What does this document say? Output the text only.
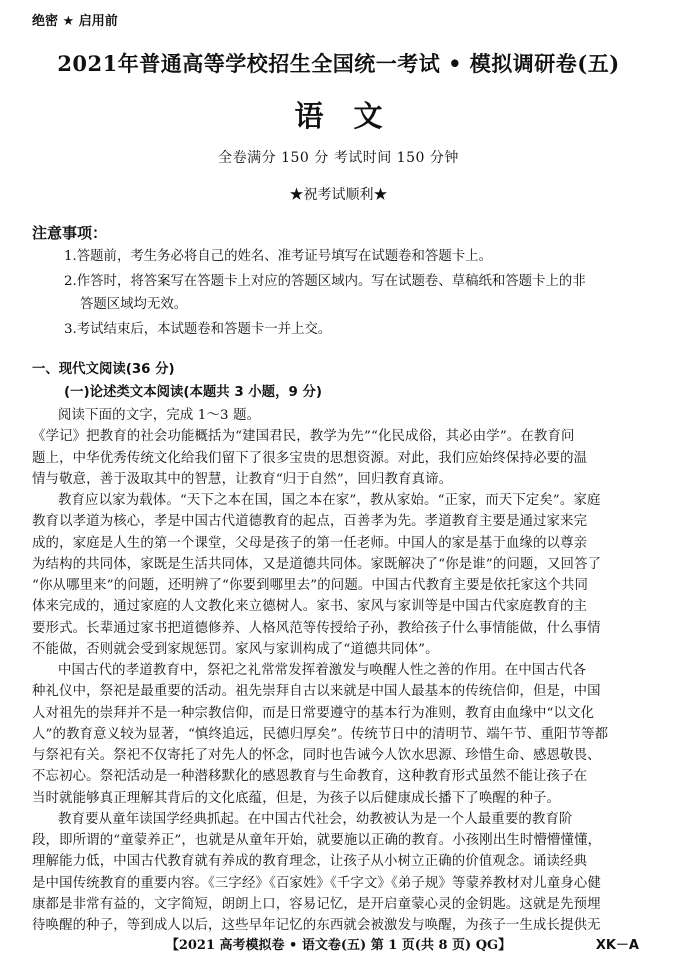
绝密 ★ 启用前
2021年普通高等学校招生全国统一考试 • 模拟调研卷(五)
语文
全卷满分 150 分 考试时间 150 分钟
★祝考试顺利★
注意事项：
1.答题前，考生务必将自己的姓名、准考证号填写在试题卷和答题卡上。
2.作答时，将答案写在答题卡上对应的答题区域内。写在试题卷、草稿纸和答题卡上的非
答题区域均无效。
3.考试结束后，本试题卷和答题卡一并上交。
一、现代文阅读(36 分)
(一)论述类文本阅读(本题共 3 小题，9 分)
阅读下面的文字，完成 1～3 题。
《学记》把教育的社会功能概括为“建国君民，教学为先”“化民成俗，其必由学”。在教育问
题上，中华优秀传统文化给我们留下了很多宝贵的思想资源。对此，我们应始终保持必要的温
情与敬意，善于汲取其中的智慧，让教育“归于自然”，回归教育真谛。
教育应以家为载体。“天下之本在国，国之本在家”，教从家始。“正家，而天下定矣”。家庭
教育以孝道为核心，孝是中国古代道德教育的起点，百善孝为先。孝道教育主要是通过家来完
成的，家庭是人生的第一个课堂，父母是孩子的第一任老师。中国人的家是基于血缘的以尊亲
为结构的共同体，家既是生活共同体，又是道德共同体。家既解决了“你是谁”的问题，又回答了
“你从哪里来”的问题，还明辨了“你要到哪里去”的问题。中国古代教育主要是依托家这个共同
体来完成的，通过家庭的人文教化来立德树人。家书、家风与家训等是中国古代家庭教育的主
要形式。长辈通过家书把道德修养、人格风范等传授给子孙，教给孩子什么事情能做，什么事情
不能做，否则就会受到家规惩罚。家风与家训构成了“道德共同体”。
中国古代的孝道教育中，祭祀之礼常常发挥着激发与唤醒人性之善的作用。在中国古代各
种礼仪中，祭祀是最重要的活动。祖先崇拜自古以来就是中国人最基本的传统信仰，但是，中国
人对祖先的崇拜并不是一种宗教信仰，而是日常要遵守的基本行为准则，教育由血缘中“以文化
人”的教育意义较为显著，“慎终追远，民德归厚矣”。传统节日中的清明节、端午节、重阳节等都
与祭祀有关。祭祀不仅寄托了对先人的怀念，同时也告诫今人饮水思源、珍惜生命、感恩敬畏、
不忘初心。祭祀活动是一种潜移默化的感恩教育与生命教育，这种教育形式虽然不能让孩子在
当时就能够真正理解其背后的文化底蕴，但是，为孩子以后健康成长播下了唤醒的种子。
教育要从童年读国学经典抓起。在中国古代社会，幼教被认为是一个人最重要的教育阶
段，即所谓的“童蒙养正”，也就是从童年开始，就要施以正确的教育。小孩刚出生时懵懵懂懂，
理解能力低，中国古代教育就有养成的教育理念，让孩子从小树立正确的价值观念。诵读经典
是中国传统教育的重要内容。《三字经》《百家姓》《千字文》《弟子规》等蒙养教材对儿童身心健
康都是非常有益的，文字简短，朗朗上口，容易记忆，是开启童蒙心灵的金钥匙。这就是先预埋
待唤醒的种子，等到成人以后，这些早年记忆的东西就会被激发与唤醒，为孩子一生成长提供无
【2021 高考模拟卷 • 语文卷(五) 第 1 页(共 8 页) QG】	XK－A
